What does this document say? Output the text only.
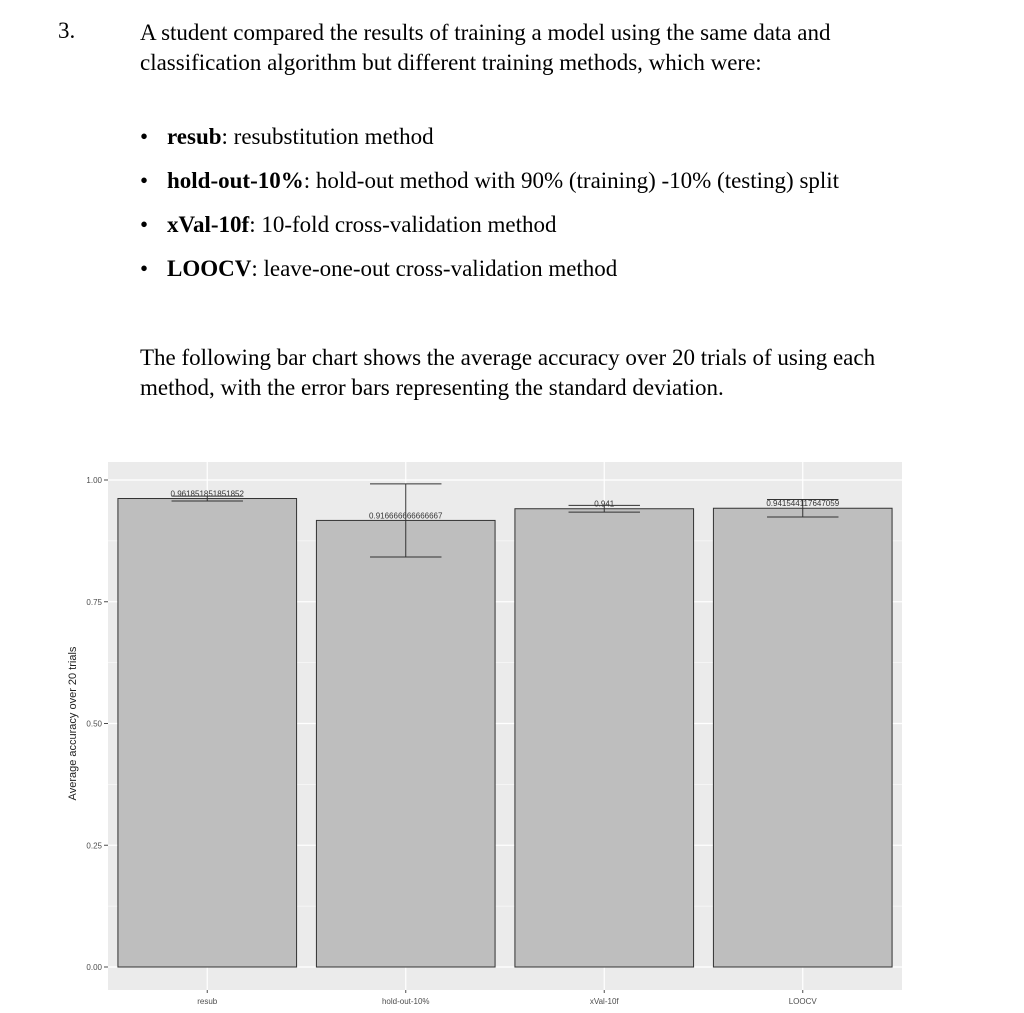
3.	A student compared the results of training a model using the same data and classification algorithm but different training methods, which were:
• resub: resubstitution method
• hold-out-10%: hold-out method with 90% (training) -10% (testing) split
• xVal-10f: 10-fold cross-validation method
• LOOCV: leave-one-out cross-validation method
The following bar chart shows the average accuracy over 20 trials of using each method, with the error bars representing the standard deviation.
0.961851851851852
0.916666666666667
0.941	0.941544117647059
0.00
0.25
0.50
0.75
1.00
resub	hold-out-10%	xVal-10f	LOOCV
Average accuracy over 20 trials
